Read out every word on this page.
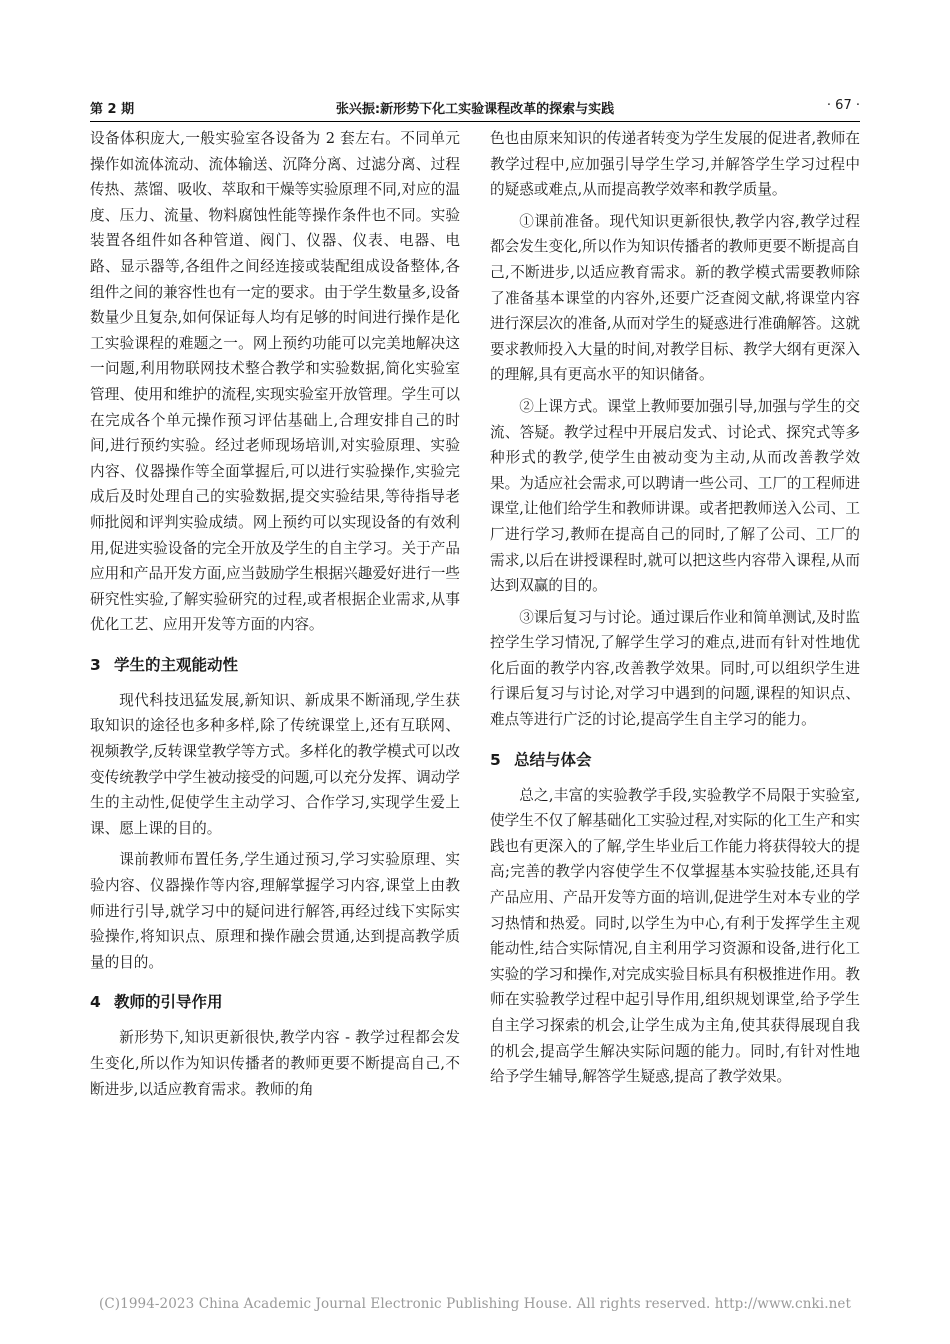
第 2 期	张兴振:新形势下化工实验课程改革的探索与实践	· 67 ·

设备体积庞大,一般实验室各设备为 2 套左右。不同单元操作如流体流动、流体输送、沉降分离、过滤分离、过程传热、蒸馏、吸收、萃取和干燥等实验原理不同,对应的温度、压力、流量、物料腐蚀性能等操作条件也不同。实验装置各组件如各种管道、阀门、仪器、仪表、电器、电路、显示器等,各组件之间经连接或装配组成设备整体,各组件之间的兼容性也有一定的要求。由于学生数量多,设备数量少且复杂,如何保证每人均有足够的时间进行操作是化工实验课程的难题之一。网上预约功能可以完美地解决这一问题,利用物联网技术整合教学和实验数据,简化实验室管理、使用和维护的流程,实现实验室开放管理。学生可以在完成各个单元操作预习评估基础上,合理安排自己的时间,进行预约实验。经过老师现场培训,对实验原理、实验内容、仪器操作等全面掌握后,可以进行实验操作,实验完成后及时处理自己的实验数据,提交实验结果,等待指导老师批阅和评判实验成绩。网上预约可以实现设备的有效利用,促进实验设备的完全开放及学生的自主学习。关于产品应用和产品开发方面,应当鼓励学生根据兴趣爱好进行一些研究性实验,了解实验研究的过程,或者根据企业需求,从事优化工艺、应用开发等方面的内容。

3 学生的主观能动性

现代科技迅猛发展,新知识、新成果不断涌现,学生获取知识的途径也多种多样,除了传统课堂上,还有互联网、视频教学,反转课堂教学等方式。多样化的教学模式可以改变传统教学中学生被动接受的问题,可以充分发挥、调动学生的主动性,促使学生主动学习、合作学习,实现学生爱上课、愿上课的目的。

课前教师布置任务,学生通过预习,学习实验原理、实验内容、仪器操作等内容,理解掌握学习内容,课堂上由教师进行引导,就学习中的疑问进行解答,再经过线下实际实验操作,将知识点、原理和操作融会贯通,达到提高教学质量的目的。

4 教师的引导作用

新形势下,知识更新很快,教学内容 - 教学过程都会发生变化,所以作为知识传播者的教师更要不断提高自己,不断进步,以适应教育需求。教师的角

色也由原来知识的传递者转变为学生发展的促进者,教师在教学过程中,应加强引导学生学习,并解答学生学习过程中的疑惑或难点,从而提高教学效率和教学质量。

①课前准备。现代知识更新很快,教学内容,教学过程都会发生变化,所以作为知识传播者的教师更要不断提高自己,不断进步,以适应教育需求。新的教学模式需要教师除了准备基本课堂的内容外,还要广泛查阅文献,将课堂内容进行深层次的准备,从而对学生的疑惑进行准确解答。这就要求教师投入大量的时间,对教学目标、教学大纲有更深入的理解,具有更高水平的知识储备。

②上课方式。课堂上教师要加强引导,加强与学生的交流、答疑。教学过程中开展启发式、讨论式、探究式等多种形式的教学,使学生由被动变为主动,从而改善教学效果。为适应社会需求,可以聘请一些公司、工厂的工程师进课堂,让他们给学生和教师讲课。或者把教师送入公司、工厂进行学习,教师在提高自己的同时,了解了公司、工厂的需求,以后在讲授课程时,就可以把这些内容带入课程,从而达到双赢的目的。

③课后复习与讨论。通过课后作业和简单测试,及时监控学生学习情况,了解学生学习的难点,进而有针对性地优化后面的教学内容,改善教学效果。同时,可以组织学生进行课后复习与讨论,对学习中遇到的问题,课程的知识点、难点等进行广泛的讨论,提高学生自主学习的能力。

5 总结与体会

总之,丰富的实验教学手段,实验教学不局限于实验室,使学生不仅了解基础化工实验过程,对实际的化工生产和实践也有更深入的了解,学生毕业后工作能力将获得较大的提高;完善的教学内容使学生不仅掌握基本实验技能,还具有产品应用、产品开发等方面的培训,促进学生对本专业的学习热情和热爱。同时,以学生为中心,有利于发挥学生主观能动性,结合实际情况,自主利用学习资源和设备,进行化工实验的学习和操作,对完成实验目标具有积极推进作用。教师在实验教学过程中起引导作用,组织规划课堂,给予学生自主学习探索的机会,让学生成为主角,使其获得展现自我的机会,提高学生解决实际问题的能力。同时,有针对性地给予学生辅导,解答学生疑惑,提高了教学效果。

(C)1994-2023 China Academic Journal Electronic Publishing House. All rights reserved. http://www.cnki.net
